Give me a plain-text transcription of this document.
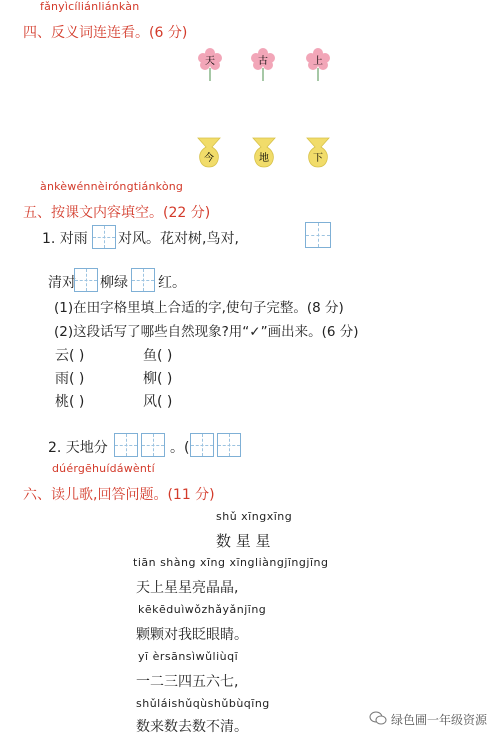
fǎnyìcíliánliánkàn
四、反义词连连看。(6 分)
天	古	上
今	地	下
ànkèwénnèiróngtiánkòng
五、按课文内容填空。(22 分)
1. 对雨 对风。花对树,鸟对,
清对 柳绿 红。
(1)在田字格里填上合适的字,使句子完整。(8 分)
(2)这段话写了哪些自然现象?用“✓”画出来。(6 分)
云( )	鱼( )
雨( )	柳( )
桃( )	风( )
2. 天地分	。(
dúérgēhuídáwèntí
六、读儿歌,回答问题。(11 分)
shǔ xīngxīng
数 星 星
tiān shàng xīng xīngliàngjīngjīng
天上星星亮晶晶,
kēkēduìwǒzhǎyǎnjīng
颗颗对我眨眼睛。
yī èrsānsìwǔliùqī
一二三四五六七,
shǔláishǔqùshǔbùqīng
数来数去数不清。	绿色圃一年级资源
